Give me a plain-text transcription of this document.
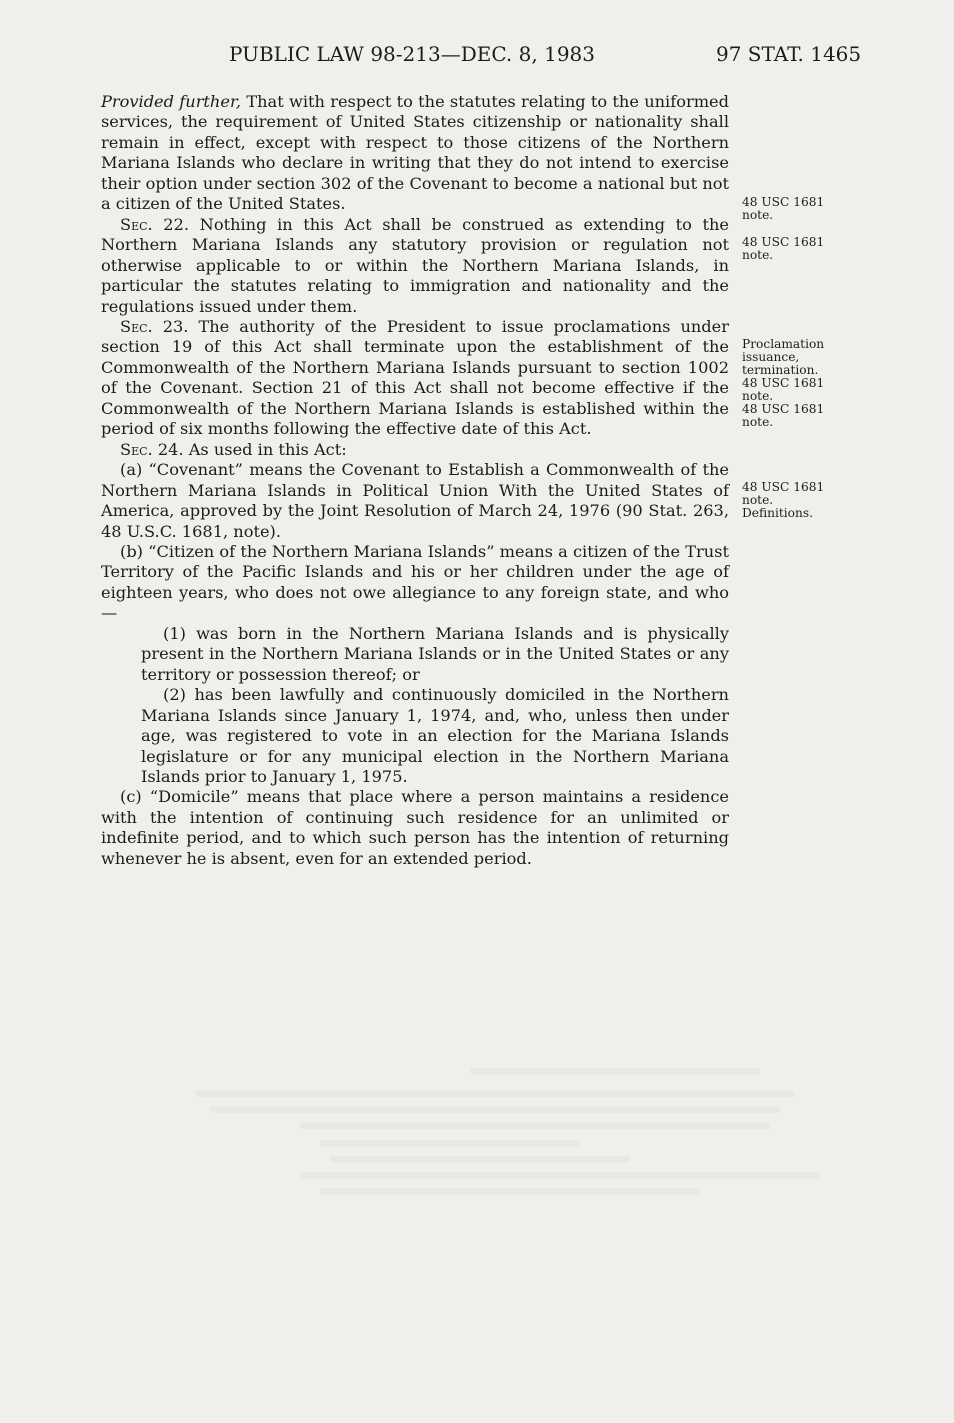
PUBLIC LAW 98-213—DEC. 8, 1983	97 STAT. 1465

Provided further, That with respect to the statutes relating to the uniformed services, the requirement of United States citizenship or nationality shall remain in effect, except with respect to those citizens of the Northern Mariana Islands who declare in writing that they do not intend to exercise their option under section 302 of the Covenant to become a national but not a citizen of the United States.

Sec. 22. Nothing in this Act shall be construed as extending to the Northern Mariana Islands any statutory provision or regulation not otherwise applicable to or within the Northern Mariana Islands, in particular the statutes relating to immigration and nationality and the regulations issued under them.

Sec. 23. The authority of the President to issue proclamations under section 19 of this Act shall terminate upon the establishment of the Commonwealth of the Northern Mariana Islands pursuant to section 1002 of the Covenant. Section 21 of this Act shall not become effective if the Commonwealth of the Northern Mariana Islands is established within the period of six months following the effective date of this Act.

Sec. 24. As used in this Act:

(a) “Covenant” means the Covenant to Establish a Commonwealth of the Northern Mariana Islands in Political Union With the United States of America, approved by the Joint Resolution of March 24, 1976 (90 Stat. 263, 48 U.S.C. 1681, note).

(b) “Citizen of the Northern Mariana Islands” means a citizen of the Trust Territory of the Pacific Islands and his or her children under the age of eighteen years, who does not owe allegiance to any foreign state, and who—

(1) was born in the Northern Mariana Islands and is physically present in the Northern Mariana Islands or in the United States or any territory or possession thereof; or

(2) has been lawfully and continuously domiciled in the Northern Mariana Islands since January 1, 1974, and, who, unless then under age, was registered to vote in an election for the Mariana Islands legislature or for any municipal election in the Northern Mariana Islands prior to January 1, 1975.

(c) “Domicile” means that place where a person maintains a residence with the intention of continuing such residence for an unlimited or indefinite period, and to which such person has the intention of returning whenever he is absent, even for an extended period.

48 USC 1681
note.
48 USC 1681
note.
Proclamation
issuance,
termination.
48 USC 1681
note.
48 USC 1681
note.
48 USC 1681
note.
Definitions.
